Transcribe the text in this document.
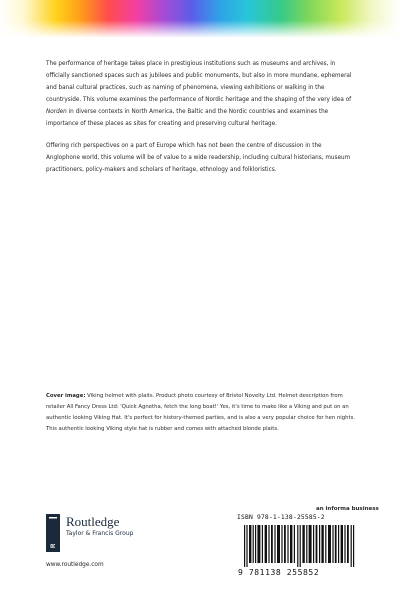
The performance of heritage takes place in prestigious institutions such as museums and archives, in officially sanctioned spaces such as jubilees and public monuments, but also in more mundane, ephemeral and banal cultural practices, such as naming of phenomena, viewing exhibitions or walking in the countryside. This volume examines the performance of Nordic heritage and the shaping of the very idea of Norden in diverse contexts in North America, the Baltic and the Nordic countries and examines the importance of these places as sites for creating and preserving cultural heritage.

Offering rich perspectives on a part of Europe which has not been the centre of discussion in the Anglophone world, this volume will be of value to a wide readership, including cultural historians, museum practitioners, policy-makers and scholars of heritage, ethnology and folkloristics.

Cover image: Viking helmet with plaits. Product photo courtesy of Bristol Novelty Ltd. Helmet description from retailer All Fancy Dress Ltd: 'Quick Agnetha, fetch the long boat!' Yes, it's time to make like a Viking and put on an authentic looking Viking Hat. It's perfect for history-themed parties, and is also a very popular choice for hen nights. This authentic looking Viking style hat is rubber and comes with attached blonde plaits.
R
Routledge
Taylor & Francis Group
www.routledge.com
an informa business
ISBN 978-1-138-25585-2
9 781138 255852
